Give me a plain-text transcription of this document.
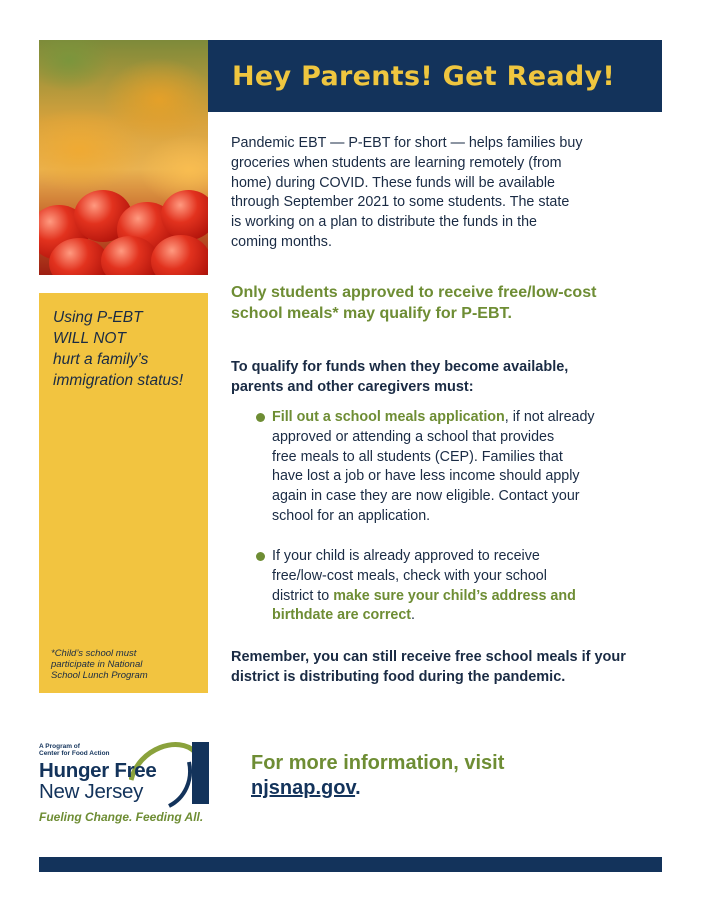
Hey Parents! Get Ready!
Using P-EBT
WILL NOT
hurt a family’s
immigration status!
*Child’s school must
participate in National
School Lunch Program

Pandemic EBT — P-EBT for short — helps families buy
groceries when students are learning remotely (from
home) during COVID. These funds will be available
through September 2021 to some students. The state
is working on a plan to distribute the funds in the
coming months.

Only students approved to receive free/low-cost
school meals* may qualify for P-EBT.
To qualify for funds when they become available,
parents and other caregivers must:
Fill out a school meals application, if not already
approved or attending a school that provides
free meals to all students (CEP). Families that
have lost a job or have less income should apply
again in case they are now eligible. Contact your
school for an application.

If your child is already approved to receive
free/low-cost meals, check with your school
district to make sure your child’s address and
birthdate are correct.
Remember, you can still receive free school meals if your
district is distributing food during the pandemic.
A Program of
Center for Food Action
Hunger Free
New Jersey
Fueling Change. Feeding All.
For more information, visit
njsnap.gov.
